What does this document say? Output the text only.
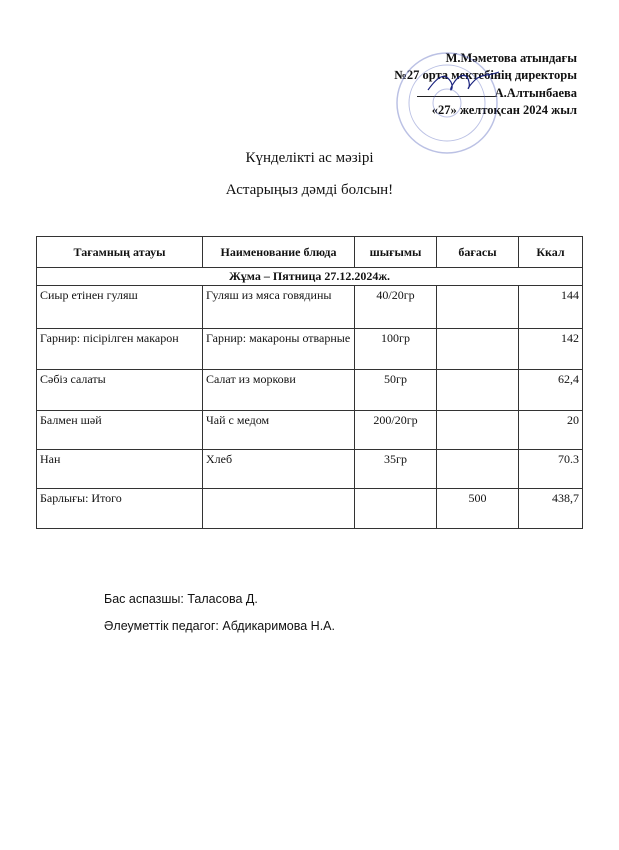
М.Мәметова атындағы
№27 орта мектебінің директоры
А.Алтынбаева
«27» желтоқсан 2024 жыл
Күнделікті ас мәзірі
Астарыңыз дәмді болсын!
Тағамның атауы	Наименование блюда	шығымы	бағасы	Ккал
Жұма – Пятница 27.12.2024ж.				
Сиыр етінен гуляш	Гуляш из мяса говядины	40/20гр		144
Гарнир: пісірілген макарон	Гарнир: макароны отварные	100гр		142
Сәбіз салаты	Салат из моркови	50гр		62,4
Балмен шәй	Чай с медом	200/20гр		20
Нан	Хлеб	35гр		70.3
Барлығы: Итого			500	438,7
Бас аспазшы: Таласова Д.
Әлеуметтік педагог: Абдикаримова Н.А.
